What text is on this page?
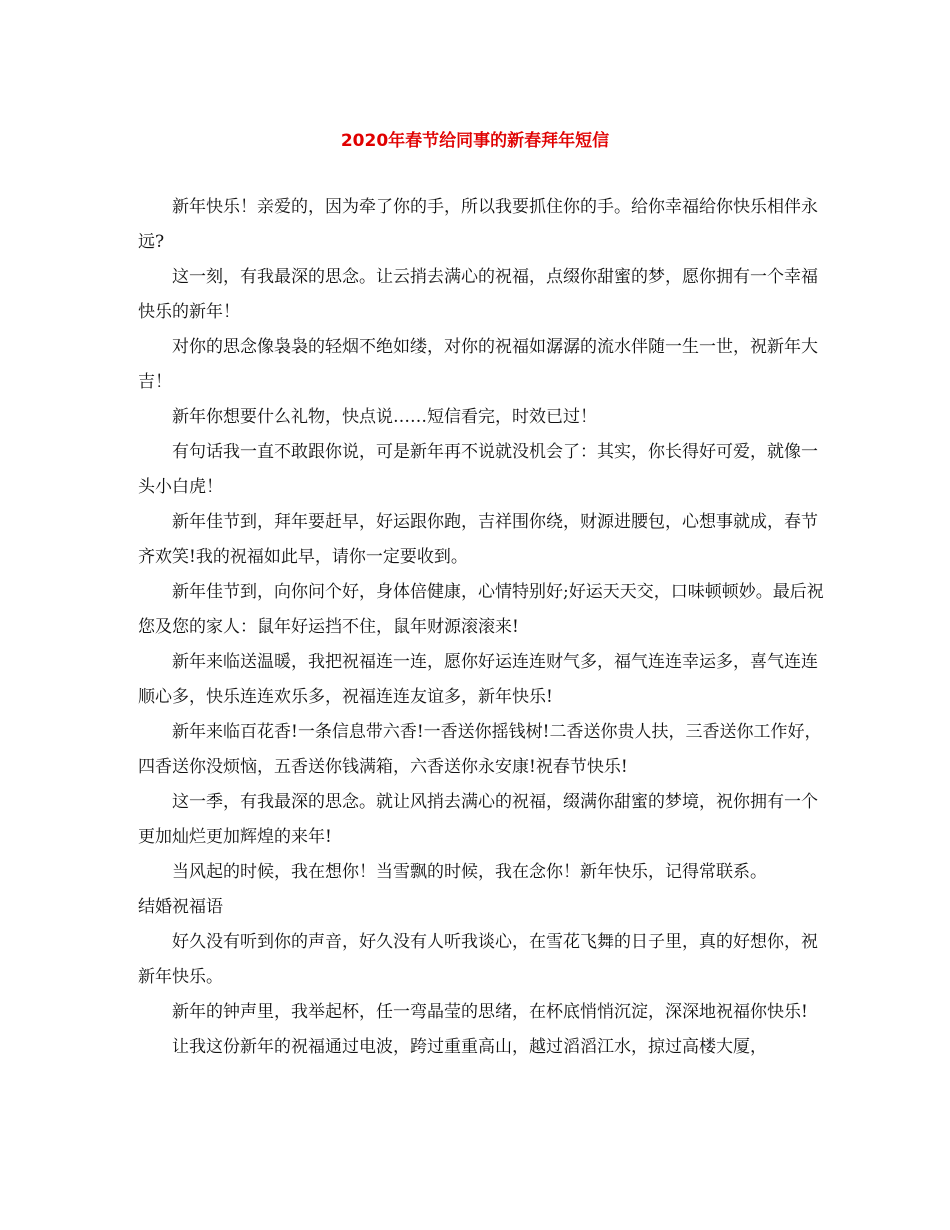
2020年春节给同事的新春拜年短信

新年快乐！亲爱的，因为牵了你的手，所以我要抓住你的手。给你幸福给你快乐相伴永远?

这一刻，有我最深的思念。让云捎去满心的祝福，点缀你甜蜜的梦，愿你拥有一个幸福快乐的新年！

对你的思念像袅袅的轻烟不绝如缕，对你的祝福如潺潺的流水伴随一生一世，祝新年大吉！

新年你想要什么礼物，快点说……短信看完，时效已过！

有句话我一直不敢跟你说，可是新年再不说就没机会了：其实，你长得好可爱，就像一头小白虎！

新年佳节到，拜年要赶早，好运跟你跑，吉祥围你绕，财源进腰包，心想事就成，春节齐欢笑!我的祝福如此早，请你一定要收到。

新年佳节到，向你问个好，身体倍健康，心情特别好;好运天天交，口味顿顿妙。最后祝您及您的家人：鼠年好运挡不住，鼠年财源滚滚来!

新年来临送温暖，我把祝福连一连，愿你好运连连财气多，福气连连幸运多，喜气连连顺心多，快乐连连欢乐多，祝福连连友谊多，新年快乐!

新年来临百花香!一条信息带六香!一香送你摇钱树!二香送你贵人扶，三香送你工作好，四香送你没烦恼，五香送你钱满箱，六香送你永安康!祝春节快乐!

这一季，有我最深的思念。就让风捎去满心的祝福，缀满你甜蜜的梦境，祝你拥有一个更加灿烂更加辉煌的来年!

当风起的时候，我在想你！当雪飘的时候，我在念你！新年快乐，记得常联系。

结婚祝福语

好久没有听到你的声音，好久没有人听我谈心，在雪花飞舞的日子里，真的好想你，祝新年快乐。

新年的钟声里，我举起杯，任一弯晶莹的思绪，在杯底悄悄沉淀，深深地祝福你快乐!

让我这份新年的祝福通过电波，跨过重重高山，越过滔滔江水，掠过高楼大厦，
